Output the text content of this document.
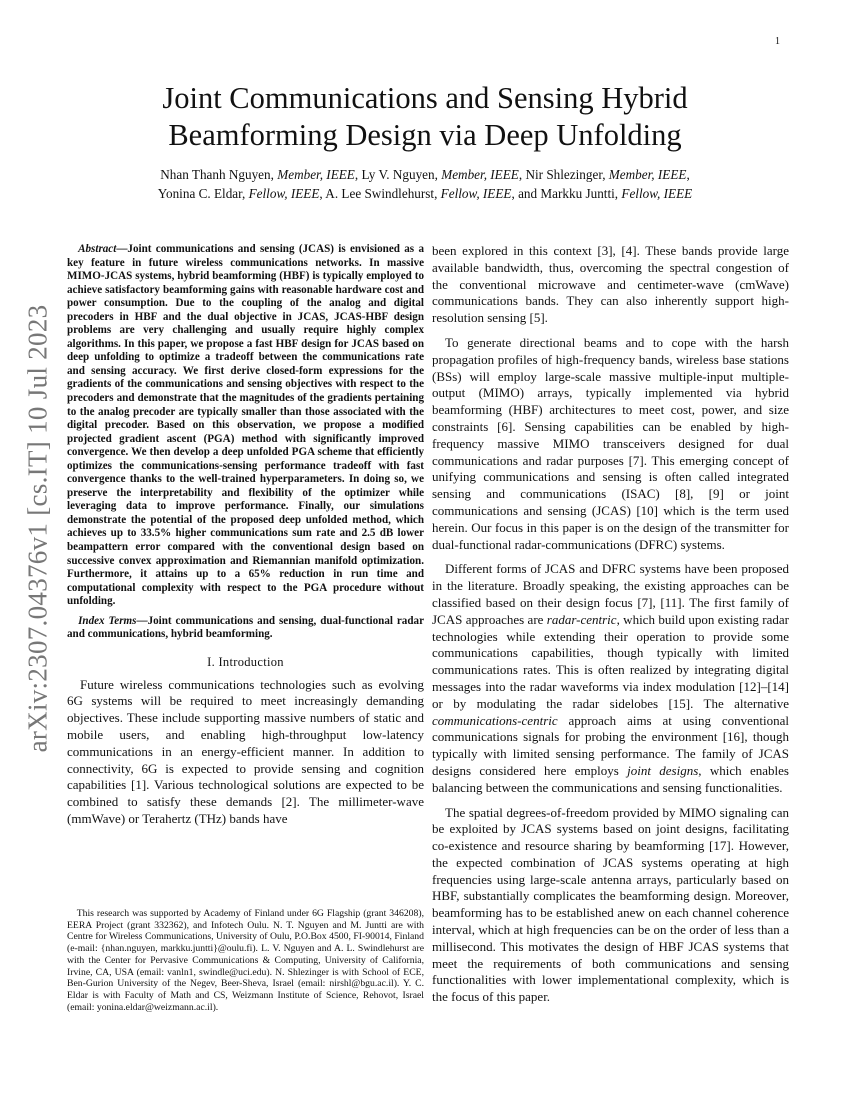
1
arXiv:2307.04376v1 [cs.IT] 10 Jul 2023
Joint Communications and Sensing Hybrid
Beamforming Design via Deep Unfolding
Nhan Thanh Nguyen, Member, IEEE, Ly V. Nguyen, Member, IEEE, Nir Shlezinger, Member, IEEE,
Yonina C. Eldar, Fellow, IEEE, A. Lee Swindlehurst, Fellow, IEEE, and Markku Juntti, Fellow, IEEE

Abstract—Joint communications and sensing (JCAS) is envisioned as a key feature in future wireless communications networks. In massive MIMO-JCAS systems, hybrid beamforming (HBF) is typically employed to achieve satisfactory beamforming gains with reasonable hardware cost and power consumption. Due to the coupling of the analog and digital precoders in HBF and the dual objective in JCAS, JCAS-HBF design problems are very challenging and usually require highly complex algorithms. In this paper, we propose a fast HBF design for JCAS based on deep unfolding to optimize a tradeoff between the communications rate and sensing accuracy. We first derive closed-form expressions for the gradients of the communications and sensing objectives with respect to the precoders and demonstrate that the magnitudes of the gradients pertaining to the analog precoder are typically smaller than those associated with the digital precoder. Based on this observation, we propose a modified projected gradient ascent (PGA) method with significantly improved convergence. We then develop a deep unfolded PGA scheme that efficiently optimizes the communications-sensing performance tradeoff with fast convergence thanks to the well-trained hyperparameters. In doing so, we preserve the interpretability and flexibility of the optimizer while leveraging data to improve performance. Finally, our simulations demonstrate the potential of the proposed deep unfolded method, which achieves up to 33.5% higher communications sum rate and 2.5 dB lower beampattern error compared with the conventional design based on successive convex approximation and Riemannian manifold optimization. Furthermore, it attains up to a 65% reduction in run time and computational complexity with respect to the PGA procedure without unfolding.

Index Terms—Joint communications and sensing, dual-functional radar and communications, hybrid beamforming.

I. Introduction

Future wireless communications technologies such as evolving 6G systems will be required to meet increasingly demanding objectives. These include supporting massive numbers of static and mobile users, and enabling high-throughput low-latency communications in an energy-efficient manner. In addition to connectivity, 6G is expected to provide sensing and cognition capabilities [1]. Various technological solutions are expected to be combined to satisfy these demands [2]. The millimeter-wave (mmWave) or Terahertz (THz) bands have

been explored in this context [3], [4]. These bands provide large available bandwidth, thus, overcoming the spectral congestion of the conventional microwave and centimeter-wave (cmWave) communications bands. They can also inherently support high-resolution sensing [5].

To generate directional beams and to cope with the harsh propagation profiles of high-frequency bands, wireless base stations (BSs) will employ large-scale massive multiple-input multiple-output (MIMO) arrays, typically implemented via hybrid beamforming (HBF) architectures to meet cost, power, and size constraints [6]. Sensing capabilities can be enabled by high-frequency massive MIMO transceivers designed for dual communications and radar purposes [7]. This emerging concept of unifying communications and sensing is often called integrated sensing and communications (ISAC) [8], [9] or joint communications and sensing (JCAS) [10] which is the term used herein. Our focus in this paper is on the design of the transmitter for dual-functional radar-communications (DFRC) systems.

Different forms of JCAS and DFRC systems have been proposed in the literature. Broadly speaking, the existing approaches can be classified based on their design focus [7], [11]. The first family of JCAS approaches are radar-centric, which build upon existing radar technologies while extending their operation to provide some communications capabilities, though typically with limited communications rates. This is often realized by integrating digital messages into the radar waveforms via index modulation [12]–[14] or by modulating the radar sidelobes [15]. The alternative communications-centric approach aims at using conventional communications signals for probing the environment [16], though typically with limited sensing performance. The family of JCAS designs considered here employs joint designs, which enables balancing between the communications and sensing functionalities.

The spatial degrees-of-freedom provided by MIMO signaling can be exploited by JCAS systems based on joint designs, facilitating co-existence and resource sharing by beamforming [17]. However, the expected combination of JCAS systems operating at high frequencies using large-scale antenna arrays, particularly based on HBF, substantially complicates the beamforming design. Moreover, beamforming has to be established anew on each channel coherence interval, which at high frequencies can be on the order of less than a millisecond. This motivates the design of HBF JCAS systems that meet the requirements of both communications and sensing functionalities with lower implementational complexity, which is the focus of this paper.

This research was supported by Academy of Finland under 6G Flagship (grant 346208), EERA Project (grant 332362), and Infotech Oulu. N. T. Nguyen and M. Juntti are with Centre for Wireless Communications, University of Oulu, P.O.Box 4500, FI-90014, Finland (e-mail: {nhan.nguyen, markku.juntti}@oulu.fi). L. V. Nguyen and A. L. Swindlehurst are with the Center for Pervasive Communications & Computing, University of California, Irvine, CA, USA (email: vanln1, swindle@uci.edu). N. Shlezinger is with School of ECE, Ben-Gurion University of the Negev, Beer-Sheva, Israel (email: nirshl@bgu.ac.il). Y. C. Eldar is with Faculty of Math and CS, Weizmann Institute of Science, Rehovot, Israel (email: yonina.eldar@weizmann.ac.il).
